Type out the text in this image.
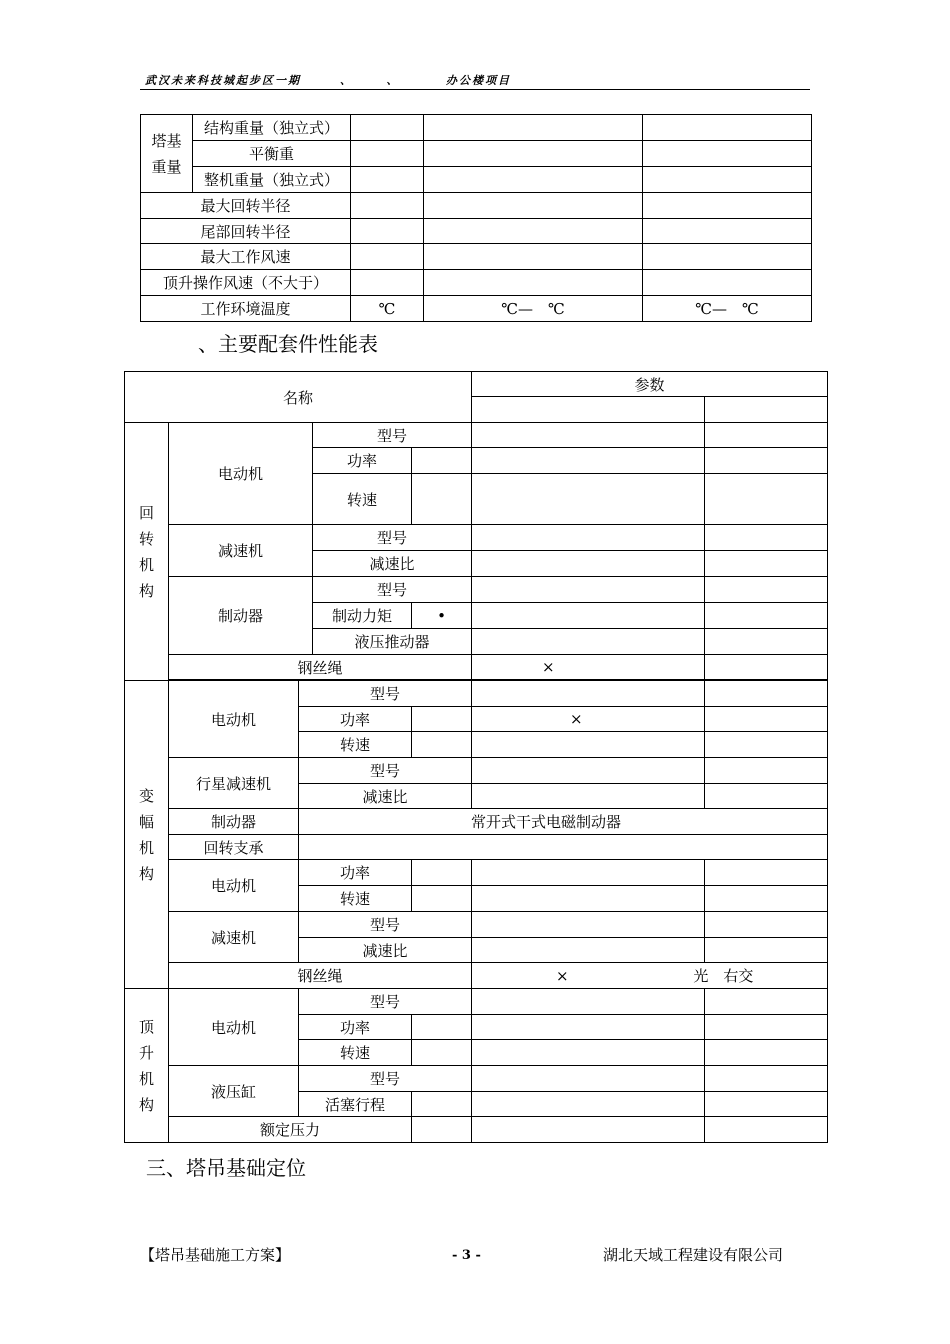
武汉未来科技城起步区一期　　　、　　　、　　　　办公楼项目
塔基重量	结构重量（独立式）			
	平衡重			
	整机重量（独立式）			
最大回转半径				
尾部回转半径				
最大工作风速				
顶升操作风速（不大于）				
工作环境温度		℃	℃—　℃	℃—　℃
、主要配套件性能表
名称					参数	

回转机构	电动机		型号			
			功率			
			转速			
	减速机		型号			
			减速比			
	制动器		型号			
			制动力矩	•		
			液压推动器			
	钢丝绳				×	

变幅机构	电动机	型号				
		功率			×	
		转速				
	行星减速机	型号				
		减速比				
	制动器	常开式干式电磁制动器				
	回转支承					
	电动机	功率				
		转速				
	减速机	型号				
		减速比				
	钢丝绳				× 光　右交	
顶升机构	电动机	型号				
		功率				
		转速				
	液压缸	型号				
		活塞行程				
	额定压力					
三、塔吊基础定位
【塔吊基础施工方案】	- 3 -	湖北天域工程建设有限公司
